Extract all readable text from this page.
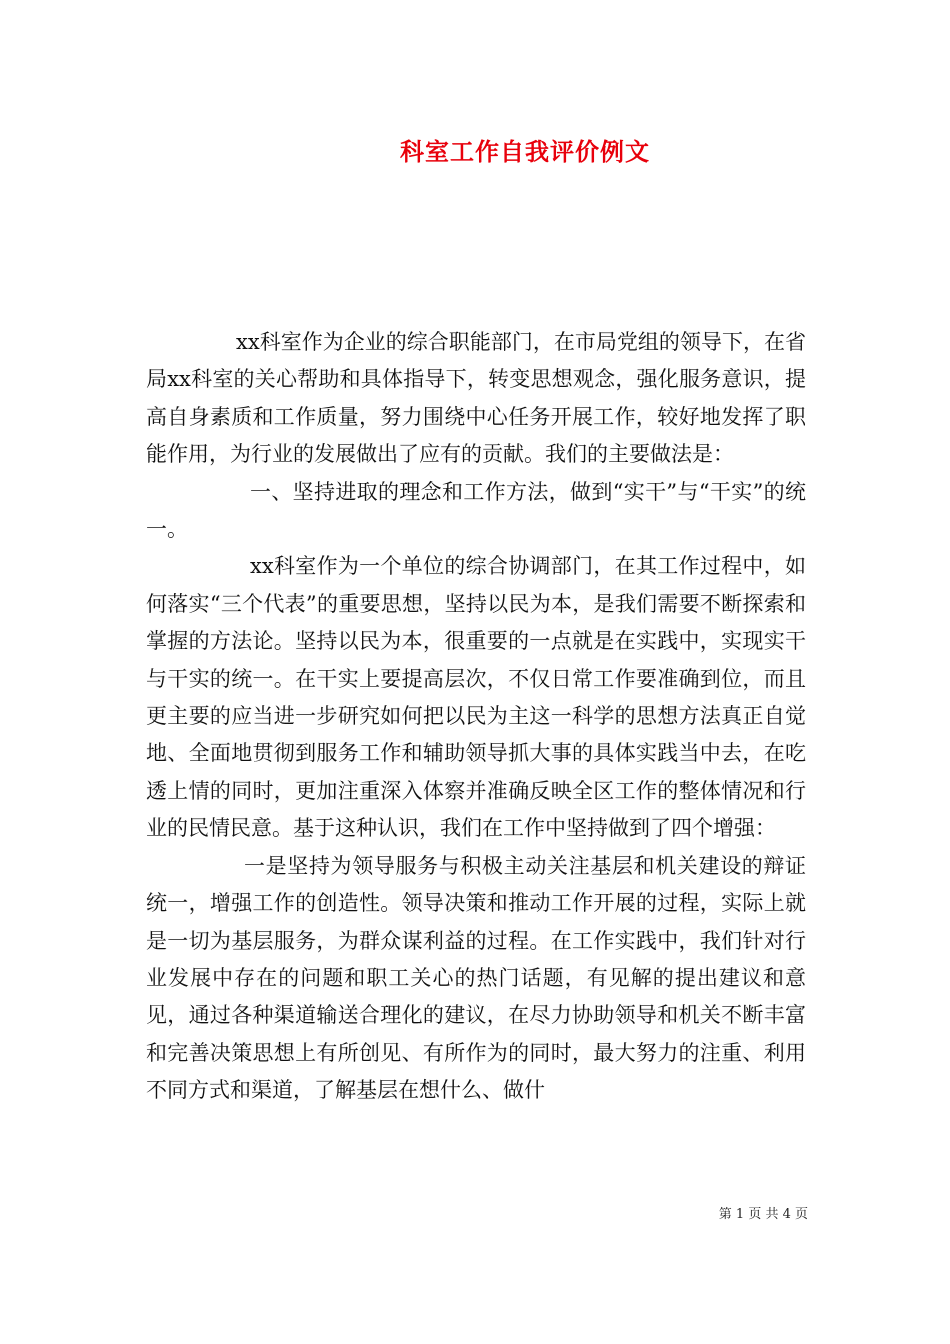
科室工作自我评价例文

xx科室作为企业的综合职能部门，在市局党组的领导下，在省局xx科室的关心帮助和具体指导下，转变思想观念，强化服务意识，提高自身素质和工作质量，努力围绕中心任务开展工作，较好地发挥了职能作用，为行业的发展做出了应有的贡献。我们的主要做法是：

一、坚持进取的理念和工作方法，做到“实干”与“干实”的统一。

xx科室作为一个单位的综合协调部门，在其工作过程中，如何落实“三个代表”的重要思想，坚持以民为本，是我们需要不断探索和掌握的方法论。坚持以民为本，很重要的一点就是在实践中，实现实干与干实的统一。在干实上要提高层次，不仅日常工作要准确到位，而且更主要的应当进一步研究如何把以民为主这一科学的思想方法真正自觉地、全面地贯彻到服务工作和辅助领导抓大事的具体实践当中去，在吃透上情的同时，更加注重深入体察并准确反映全区工作的整体情况和行业的民情民意。基于这种认识，我们在工作中坚持做到了四个增强：

一是坚持为领导服务与积极主动关注基层和机关建设的辩证统一，增强工作的创造性。领导决策和推动工作开展的过程，实际上就是一切为基层服务，为群众谋利益的过程。在工作实践中，我们针对行业发展中存在的问题和职工关心的热门话题，有见解的提出建议和意见，通过各种渠道输送合理化的建议，在尽力协助领导和机关不断丰富和完善决策思想上有所创见、有所作为的同时，最大努力的注重、利用不同方式和渠道，了解基层在想什么、做什

第 1 页 共 4 页
